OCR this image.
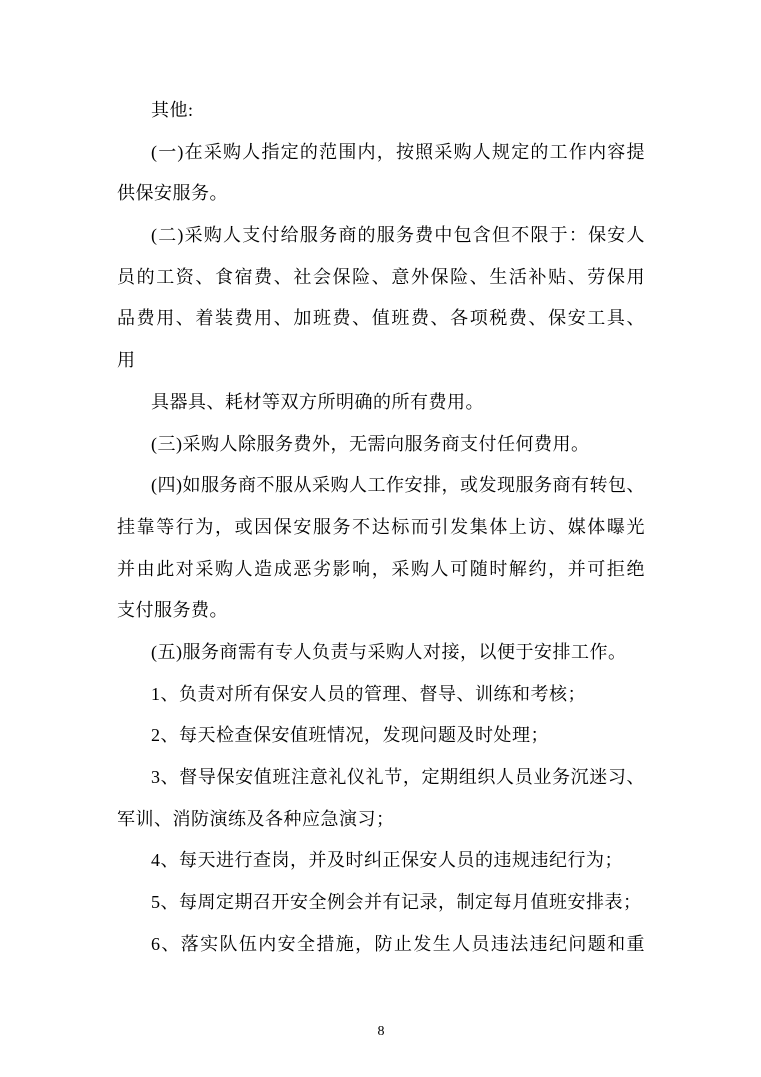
其他:
(一)在采购人指定的范围内，按照采购人规定的工作内容提
供保安服务。
(二)采购人支付给服务商的服务费中包含但不限于：保安人
员的工资、食宿费、社会保险、意外保险、生活补贴、劳保用
品费用、着装费用、加班费、值班费、各项税费、保安工具、
用
具器具、耗材等双方所明确的所有费用。
(三)采购人除服务费外，无需向服务商支付任何费用。
(四)如服务商不服从采购人工作安排，或发现服务商有转包、
挂靠等行为，或因保安服务不达标而引发集体上访、媒体曝光
并由此对采购人造成恶劣影响，采购人可随时解约，并可拒绝
支付服务费。
(五)服务商需有专人负责与采购人对接，以便于安排工作。
1、负责对所有保安人员的管理、督导、训练和考核；
2、每天检查保安值班情况，发现问题及时处理；
3、督导保安值班注意礼仪礼节，定期组织人员业务沉迷习、
军训、消防演练及各种应急演习；
4、每天进行查岗，并及时纠正保安人员的违规违纪行为；
5、每周定期召开安全例会并有记录，制定每月值班安排表；
6、落实队伍内安全措施，防止发生人员违法违纪问题和重
8
